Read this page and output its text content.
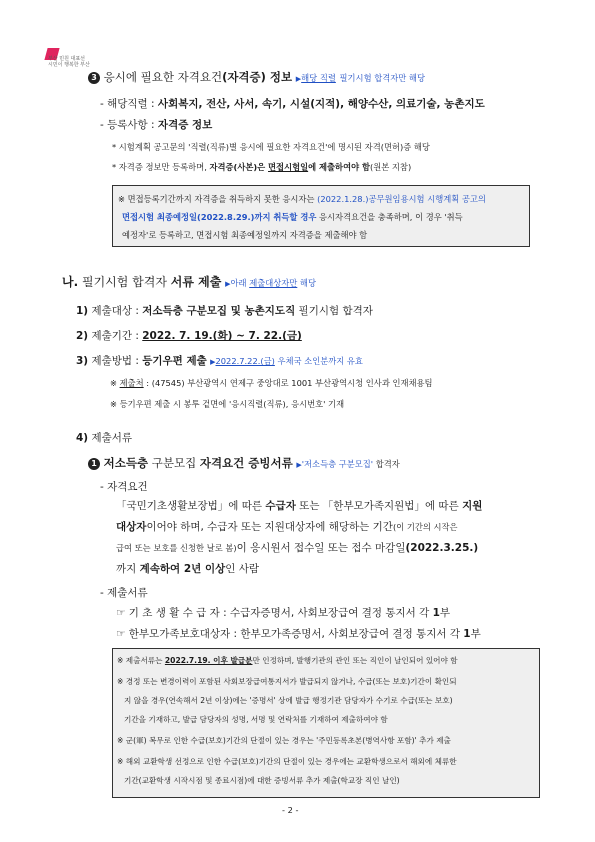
부산 민원 대표선
시민이 행복한 부산
3 응시에 필요한 자격요건(자격증) 정보 ▶해당 직렬 필기시험 합격자만 해당
- 해당직렬 : 사회복지, 전산, 사서, 속기, 시설(지적), 해양수산, 의료기술, 농촌지도
- 등록사항 : 자격증 정보
* 시험계획 공고문의 '직렬(직류)별 응시에 필요한 자격요건'에 명시된 자격(면허)증 해당
* 자격증 정보만 등록하며, 자격증(사본)은 면접시험일에 제출하여야 함(원본 지참)
※ 면접등록기간까지 자격증을 취득하지 못한 응시자는 (2022.1.28.)공무원임용시험 시행계획 공고의
면접시험 최종예정일(2022.8.29.)까지 취득할 경우 응시자격요건을 충족하며, 이 경우 '취득
예정자'로 등록하고, 면접시험 최종예정일까지 자격증을 제출해야 함
나. 필기시험 합격자 서류 제출 ▶아래 제출대상자만 해당
1) 제출대상 : 저소득층 구분모집 및 농촌지도직 필기시험 합격자
2) 제출기간 : 2022. 7. 19.(화) ~ 7. 22.(금)
3) 제출방법 : 등기우편 제출 ▶2022.7.22.(금) 우체국 소인분까지 유효
※ 제출처 : (47545) 부산광역시 연제구 중앙대로 1001 부산광역시청 인사과 인재채용팀
※ 등기우편 제출 시 봉투 겉면에 '응시직렬(직류), 응시번호' 기재
4) 제출서류
1 저소득층 구분모집 자격요건 증빙서류 ▶'저소득층 구분모집' 합격자
- 자격요건
「국민기초생활보장법」에 따른 수급자 또는 「한부모가족지원법」에 따른 지원
대상자이어야 하며, 수급자 또는 지원대상자에 해당하는 기간(이 기간의 시작은
급여 또는 보호를 신청한 날로 봄)이 응시원서 접수일 또는 접수 마감일(2022.3.25.)
까지 계속하여 2년 이상인 사람
- 제출서류
☞ 기 초 생 활 수 급 자 : 수급자증명서, 사회보장급여 결정 통지서 각 1부
☞ 한부모가족보호대상자 : 한부모가족증명서, 사회보장급여 결정 통지서 각 1부
※ 제출서류는 2022.7.19. 이후 발급분만 인정하며, 발행기관의 관인 또는 직인이 날인되어 있어야 함
※ 경정 또는 변경이력이 포함된 사회보장급여통지서가 발급되지 않거나, 수급(또는 보호)기간이 확인되
지 않을 경우(연속해서 2년 이상)에는 '증명서' 상에 발급 행정기관 담당자가 수기로 수급(또는 보호)
기간을 기재하고, 발급 담당자의 성명, 서명 및 연락처를 기재하여 제출하여야 함
※ 군(軍) 복무로 인한 수급(보호)기간의 단절이 있는 경우는 '주민등록초본(병역사항 포함)' 추가 제출
※ 해외 교환학생 선정으로 인한 수급(보호)기간의 단절이 있는 경우에는 교환학생으로서 해외에 체류한
기간(교환학생 시작시점 및 종료시점)에 대한 증빙서류 추가 제출(학교장 직인 날인)
- 2 -
